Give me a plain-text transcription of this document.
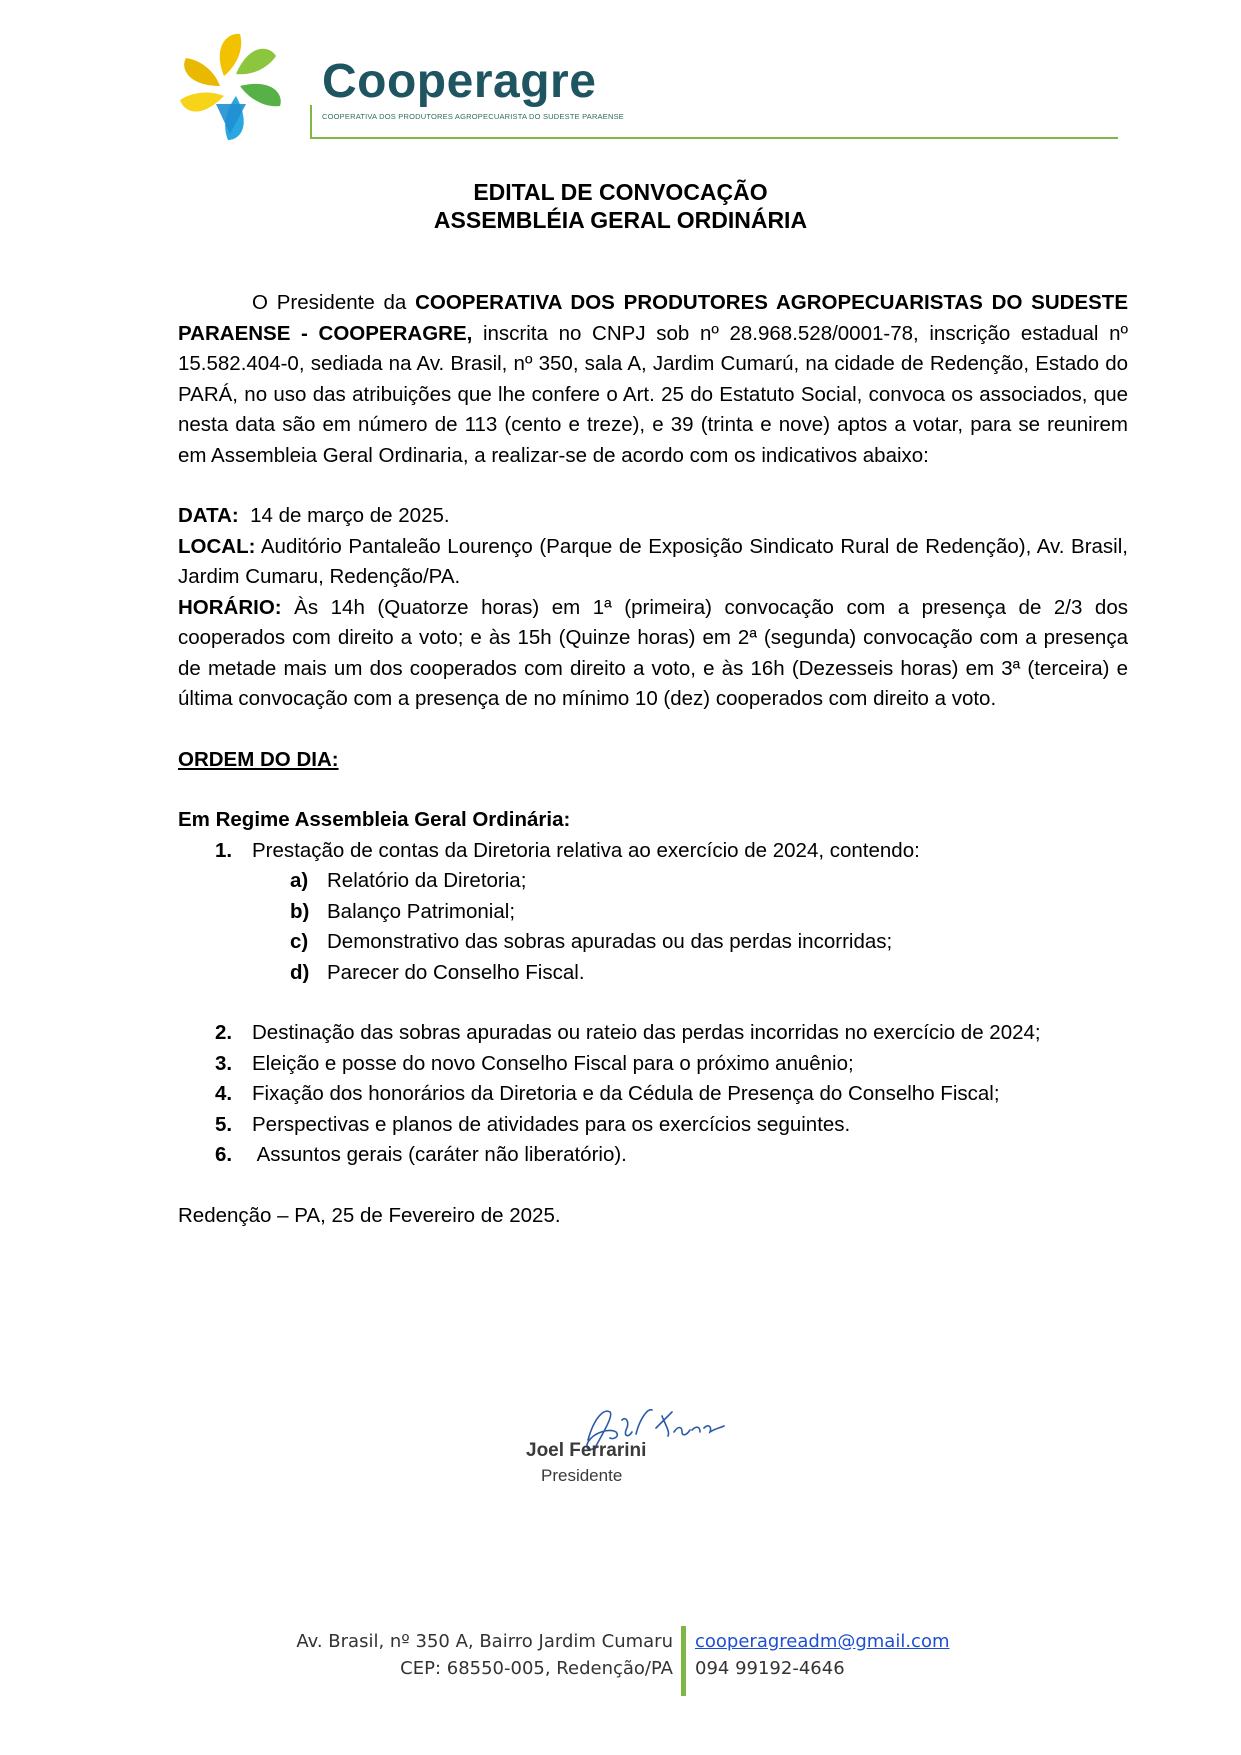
Cooperagre
COOPERATIVA DOS PRODUTORES AGROPECUARISTA DO SUDESTE PARAENSE
EDITAL DE CONVOCAÇÃO
ASSEMBLÉIA GERAL ORDINÁRIA

O Presidente da COOPERATIVA DOS PRODUTORES AGROPECUARISTAS DO SUDESTE PARAENSE - COOPERAGRE, inscrita no CNPJ sob nº 28.968.528/0001-78, inscrição estadual nº 15.582.404-0, sediada na Av. Brasil, nº 350, sala A, Jardim Cumarú, na cidade de Redenção, Estado do PARÁ, no uso das atribuições que lhe confere o Art. 25 do Estatuto Social, convoca os associados, que nesta data são em número de 113 (cento e treze), e 39 (trinta e nove) aptos a votar, para se reunirem em Assembleia Geral Ordinaria, a realizar-se de acordo com os indicativos abaixo:

DATA:  14 de março de 2025.

LOCAL: Auditório Pantaleão Lourenço (Parque de Exposição Sindicato Rural de Redenção), Av. Brasil, Jardim Cumaru, Redenção/PA.

HORÁRIO: Às 14h (Quatorze horas) em 1ª (primeira) convocação com a presença de 2/3 dos cooperados com direito a voto; e às 15h (Quinze horas) em 2ª (segunda) convocação com a presença de metade mais um dos cooperados com direito a voto, e às 16h (Dezesseis horas) em 3ª (terceira) e última convocação com a presença de no mínimo 10 (dez) cooperados com direito a voto.

ORDEM DO DIA:

Em Regime Assembleia Geral Ordinária:

1. Prestação de contas da Diretoria relativa ao exercício de 2024, contendo:
a) Relatório da Diretoria;
b) Balanço Patrimonial;
c) Demonstrativo das sobras apuradas ou das perdas incorridas;
d) Parecer do Conselho Fiscal.
2. Destinação das sobras apuradas ou rateio das perdas incorridas no exercício de 2024;
3. Eleição e posse do novo Conselho Fiscal para o próximo anuênio;
4. Fixação dos honorários da Diretoria e da Cédula de Presença do Conselho Fiscal;
5. Perspectivas e planos de atividades para os exercícios seguintes.
6. Assuntos gerais (caráter não liberatório).

Redenção – PA, 25 de Fevereiro de 2025.

Joel Ferrarini
Presidente
Av. Brasil, nº 350 A, Bairro Jardim Cumaru
CEP: 68550-005, Redenção/PA
cooperagreadm@gmail.com
094 99192-4646
